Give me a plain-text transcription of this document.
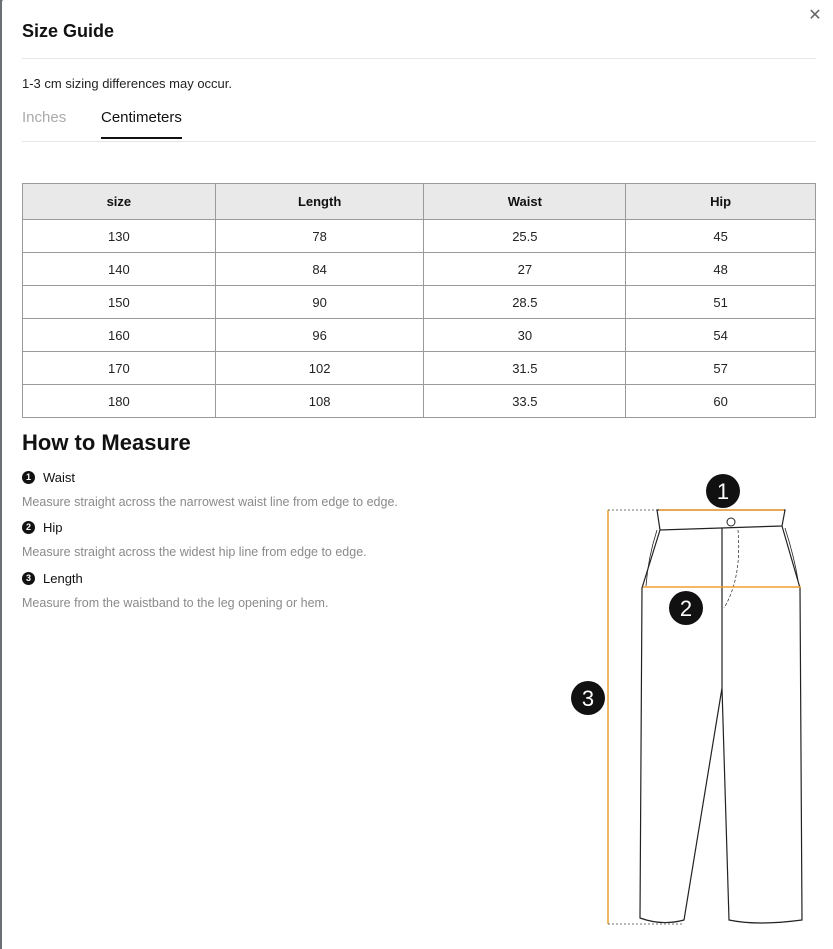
✕
Size Guide
1-3 cm sizing differences may occur.
Inches Centimeters
size	Length	Waist	Hip
130	78	25.5	45
140	84	27	48
150	90	28.5	51
160	96	30	54
170	102	31.5	57
180	108	33.5	60
How to Measure
1 Waist
Measure straight across the narrowest waist line from edge to edge.
2 Hip
Measure straight across the widest hip line from edge to edge.
3 Length
Measure from the waistband to the leg opening or hem.
1
2
3
